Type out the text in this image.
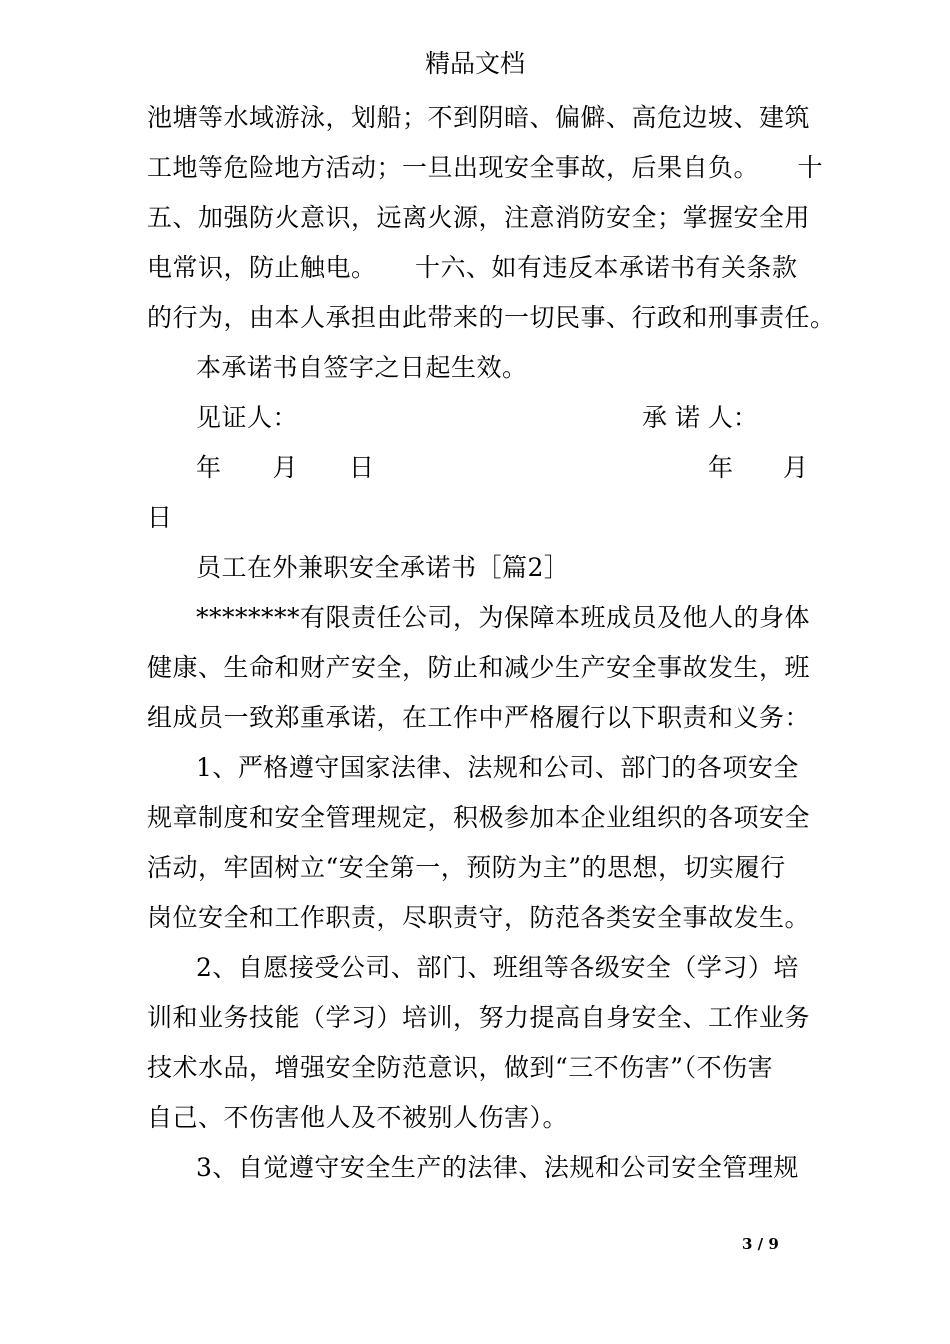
精品文档
池塘等水域游泳，划船；不到阴暗、偏僻、高危边坡、建筑
工地等危险地方活动；一旦出现安全事故，后果自负。　　十
五、加强防火意识，远离火源，注意消防安全；掌握安全用
电常识，防止触电。　　十六、如有违反本承诺书有关条款
的行为，由本人承担由此带来的一切民事、行政和刑事责任。
本承诺书自签字之日起生效。
见证人：	承 诺 人：
年　　月　　日	年　　月
日
员工在外兼职安全承诺书［篇2］
********有限责任公司，为保障本班成员及他人的身体
健康、生命和财产安全，防止和减少生产安全事故发生，班
组成员一致郑重承诺，在工作中严格履行以下职责和义务：
1、严格遵守国家法律、法规和公司、部门的各项安全
规章制度和安全管理规定，积极参加本企业组织的各项安全
活动，牢固树立“安全第一，预防为主”的思想，切实履行
岗位安全和工作职责，尽职责守，防范各类安全事故发生。
2、自愿接受公司、部门、班组等各级安全（学习）培
训和业务技能（学习）培训，努力提高自身安全、工作业务
技术水品，增强安全防范意识，做到“三不伤害”（不伤害
自己、不伤害他人及不被别人伤害）。
3、自觉遵守安全生产的法律、法规和公司安全管理规
3 / 9
